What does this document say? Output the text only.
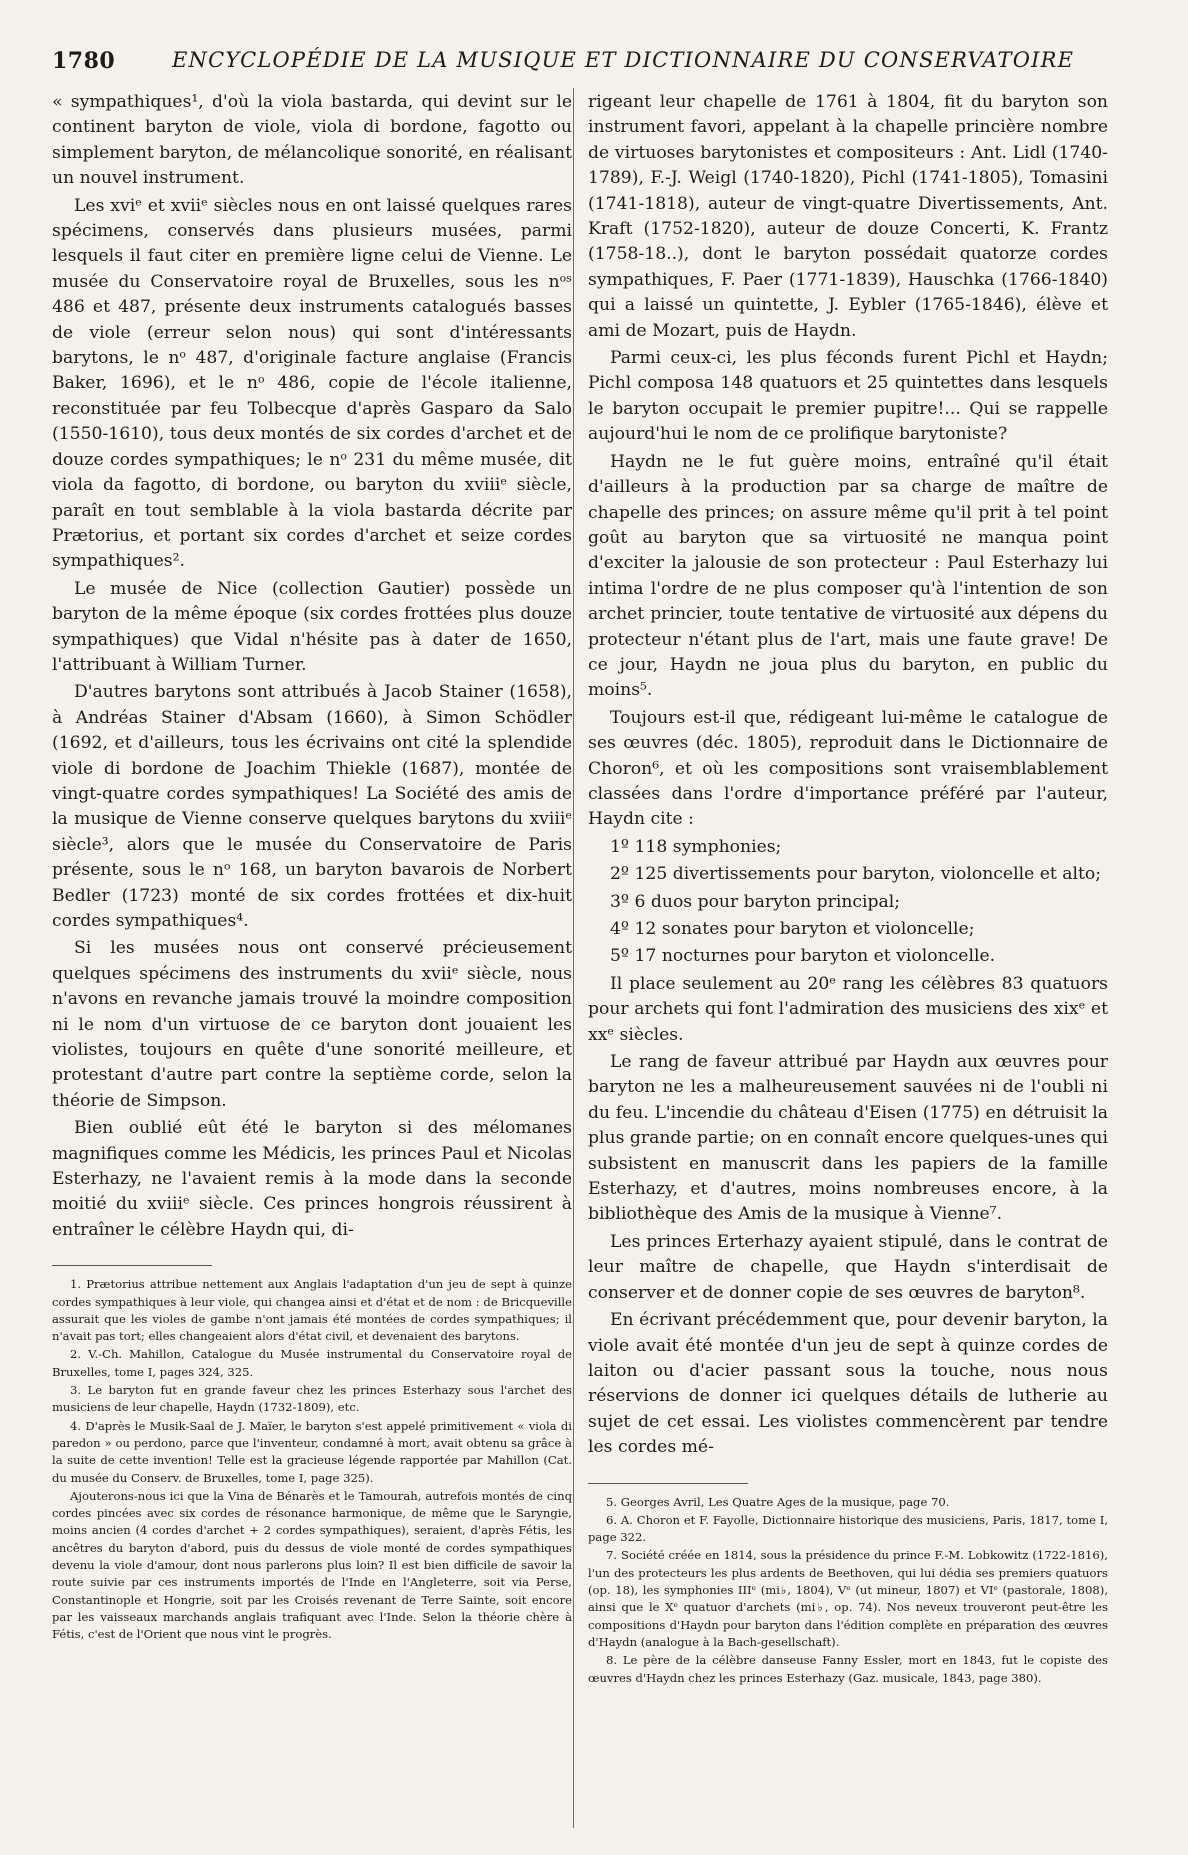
1780	ENCYCLOPÉDIE DE LA MUSIQUE ET DICTIONNAIRE DU CONSERVATOIRE

« sympathiques¹, d'où la viola bastarda, qui devint sur le continent baryton de viole, viola di bordone, fagotto ou simplement baryton, de mélancolique sonorité, en réalisant un nouvel instrument.

Les xviᵉ et xviiᵉ siècles nous en ont laissé quelques rares spécimens, conservés dans plusieurs musées, parmi lesquels il faut citer en première ligne celui de Vienne. Le musée du Conservatoire royal de Bruxelles, sous les nᵒˢ 486 et 487, présente deux instruments catalogués basses de viole (erreur selon nous) qui sont d'intéressants barytons, le nᵒ 487, d'originale facture anglaise (Francis Baker, 1696), et le nᵒ 486, copie de l'école italienne, reconstituée par feu Tolbecque d'après Gasparo da Salo (1550-1610), tous deux montés de six cordes d'archet et de douze cordes sympathiques; le nᵒ 231 du même musée, dit viola da fagotto, di bordone, ou baryton du xviiiᵉ siècle, paraît en tout semblable à la viola bastarda décrite par Prætorius, et portant six cordes d'archet et seize cordes sympathiques².

Le musée de Nice (collection Gautier) possède un baryton de la même époque (six cordes frottées plus douze sympathiques) que Vidal n'hésite pas à dater de 1650, l'attribuant à William Turner.

D'autres barytons sont attribués à Jacob Stainer (1658), à Andréas Stainer d'Absam (1660), à Simon Schödler (1692, et d'ailleurs, tous les écrivains ont cité la splendide viole di bordone de Joachim Thiekle (1687), montée de vingt-quatre cordes sympathiques! La Société des amis de la musique de Vienne conserve quelques barytons du xviiiᵉ siècle³, alors que le musée du Conservatoire de Paris présente, sous le nᵒ 168, un baryton bavarois de Norbert Bedler (1723) monté de six cordes frottées et dix-huit cordes sympathiques⁴.

Si les musées nous ont conservé précieusement quelques spécimens des instruments du xviiᵉ siècle, nous n'avons en revanche jamais trouvé la moindre composition ni le nom d'un virtuose de ce baryton dont jouaient les violistes, toujours en quête d'une sonorité meilleure, et protestant d'autre part contre la septième corde, selon la théorie de Simpson.

Bien oublié eût été le baryton si des mélomanes magnifiques comme les Médicis, les princes Paul et Nicolas Esterhazy, ne l'avaient remis à la mode dans la seconde moitié du xviiiᵉ siècle. Ces princes hongrois réussirent à entraîner le célèbre Haydn qui, di-

1. Prætorius attribue nettement aux Anglais l'adaptation d'un jeu de sept à quinze cordes sympathiques à leur viole, qui changea ainsi et d'état et de nom : de Bricqueville assurait que les violes de gambe n'ont jamais été montées de cordes sympathiques; il n'avait pas tort; elles changeaient alors d'état civil, et devenaient des barytons.

2. V.-Ch. Mahillon, Catalogue du Musée instrumental du Conservatoire royal de Bruxelles, tome I, pages 324, 325.

3. Le baryton fut en grande faveur chez les princes Esterhazy sous l'archet des musiciens de leur chapelle, Haydn (1732-1809), etc.

4. D'après le Musik-Saal de J. Maïer, le baryton s'est appelé primitivement « viola di paredon » ou perdono, parce que l'inventeur, condamné à mort, avait obtenu sa grâce à la suite de cette invention! Telle est la gracieuse légende rapportée par Mahillon (Cat. du musée du Conserv. de Bruxelles, tome I, page 325).

Ajouterons-nous ici que la Vina de Bénarès et le Tamourah, autrefois montés de cinq cordes pincées avec six cordes de résonance harmonique, de même que le Saryngie, moins ancien (4 cordes d'archet + 2 cordes sympathiques), seraient, d'après Fétis, les ancêtres du baryton d'abord, puis du dessus de viole monté de cordes sympathiques devenu la viole d'amour, dont nous parlerons plus loin? Il est bien difficile de savoir la route suivie par ces instruments importés de l'Inde en l'Angleterre, soit via Perse, Constantinople et Hongrie, soit par les Croisés revenant de Terre Sainte, soit encore par les vaisseaux marchands anglais trafiquant avec l'Inde. Selon la théorie chère à Fétis, c'est de l'Orient que nous vint le progrès.

rigeant leur chapelle de 1761 à 1804, fit du baryton son instrument favori, appelant à la chapelle princière nombre de virtuoses barytonistes et compositeurs : Ant. Lidl (1740-1789), F.-J. Weigl (1740-1820), Pichl (1741-1805), Tomasini (1741-1818), auteur de vingt-quatre Divertissements, Ant. Kraft (1752-1820), auteur de douze Concerti, K. Frantz (1758-18..), dont le baryton possédait quatorze cordes sympathiques, F. Paer (1771-1839), Hauschka (1766-1840) qui a laissé un quintette, J. Eybler (1765-1846), élève et ami de Mozart, puis de Haydn.

Parmi ceux-ci, les plus féconds furent Pichl et Haydn; Pichl composa 148 quatuors et 25 quintettes dans lesquels le baryton occupait le premier pupitre!... Qui se rappelle aujourd'hui le nom de ce prolifique barytoniste?

Haydn ne le fut guère moins, entraîné qu'il était d'ailleurs à la production par sa charge de maître de chapelle des princes; on assure même qu'il prit à tel point goût au baryton que sa virtuosité ne manqua point d'exciter la jalousie de son protecteur : Paul Esterhazy lui intima l'ordre de ne plus composer qu'à l'intention de son archet princier, toute tentative de virtuosité aux dépens du protecteur n'étant plus de l'art, mais une faute grave! De ce jour, Haydn ne joua plus du baryton, en public du moins⁵.

Toujours est-il que, rédigeant lui-même le catalogue de ses œuvres (déc. 1805), reproduit dans le Dictionnaire de Choron⁶, et où les compositions sont vraisemblablement classées dans l'ordre d'importance préféré par l'auteur, Haydn cite :

1º 118 symphonies;

2º 125 divertissements pour baryton, violoncelle et alto;

3º 6 duos pour baryton principal;

4º 12 sonates pour baryton et violoncelle;

5º 17 nocturnes pour baryton et violoncelle.

Il place seulement au 20ᵉ rang les célèbres 83 quatuors pour archets qui font l'admiration des musiciens des xixᵉ et xxᵉ siècles.

Le rang de faveur attribué par Haydn aux œuvres pour baryton ne les a malheureusement sauvées ni de l'oubli ni du feu. L'incendie du château d'Eisen (1775) en détruisit la plus grande partie; on en connaît encore quelques-unes qui subsistent en manuscrit dans les papiers de la famille Esterhazy, et d'autres, moins nombreuses encore, à la bibliothèque des Amis de la musique à Vienne⁷.

Les princes Erterhazy ayaient stipulé, dans le contrat de leur maître de chapelle, que Haydn s'interdisait de conserver et de donner copie de ses œuvres de baryton⁸.

En écrivant précédemment que, pour devenir baryton, la viole avait été montée d'un jeu de sept à quinze cordes de laiton ou d'acier passant sous la touche, nous nous réservions de donner ici quelques détails de lutherie au sujet de cet essai. Les violistes commencèrent par tendre les cordes mé-

5. Georges Avril, Les Quatre Ages de la musique, page 70.

6. A. Choron et F. Fayolle, Dictionnaire historique des musiciens, Paris, 1817, tome I, page 322.

7. Société créée en 1814, sous la présidence du prince F.-M. Lobkowitz (1722-1816), l'un des protecteurs les plus ardents de Beethoven, qui lui dédia ses premiers quatuors (op. 18), les symphonies IIIᵉ (mi♭, 1804), Vᵉ (ut mineur, 1807) et VIᵉ (pastorale, 1808), ainsi que le Xᵉ quatuor d'archets (mi♭, op. 74). Nos neveux trouveront peut-être les compositions d'Haydn pour baryton dans l'édition complète en préparation des œuvres d'Haydn (analogue à la Bach-gesellschaft).

8. Le père de la célèbre danseuse Fanny Essler, mort en 1843, fut le copiste des œuvres d'Haydn chez les princes Esterhazy (Gaz. musicale, 1843, page 380).
